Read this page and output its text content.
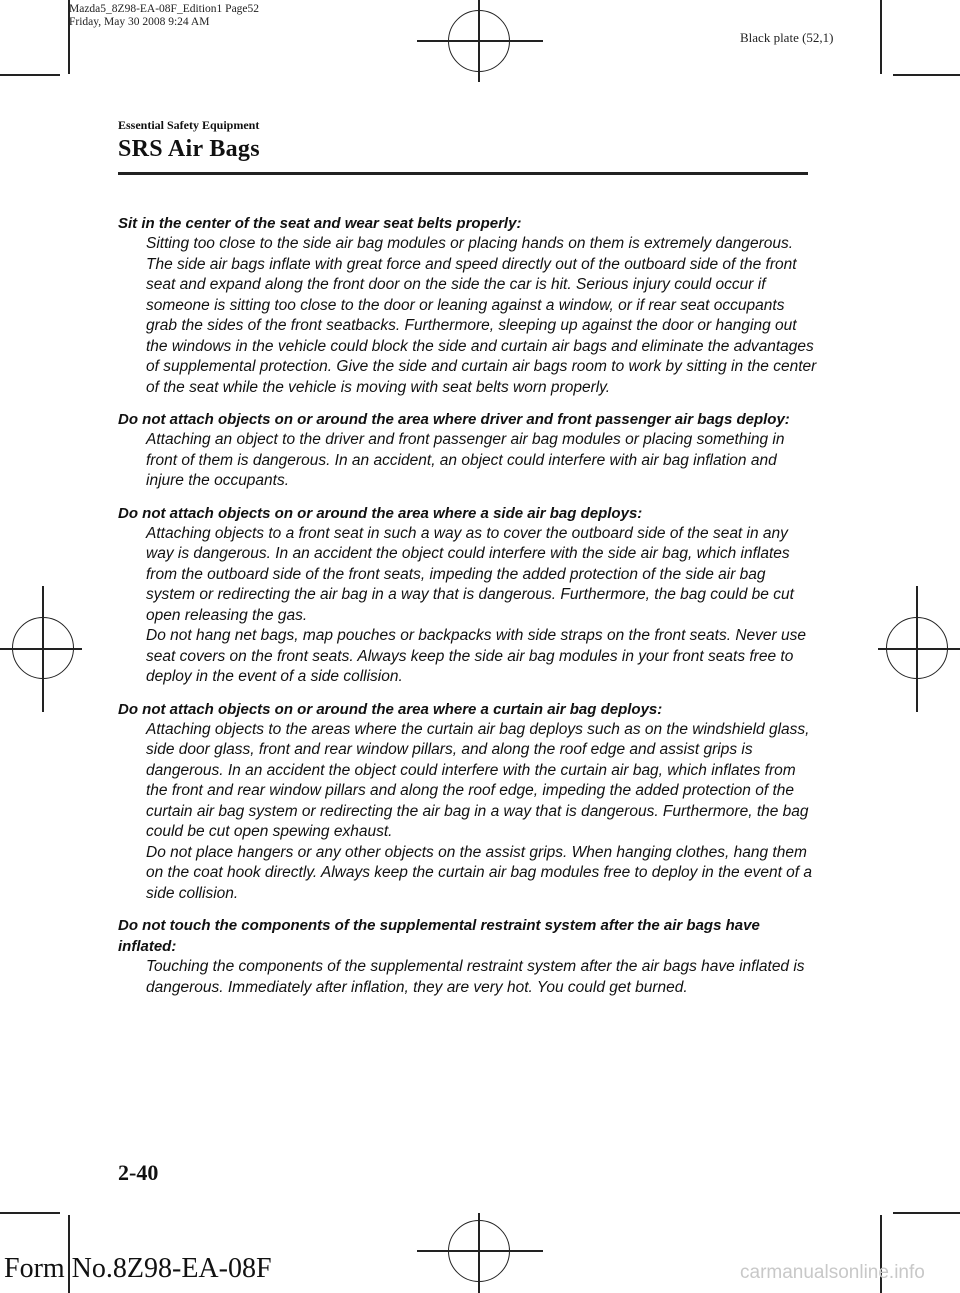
Mazda5_8Z98-EA-08F_Edition1 Page52
Friday, May 30 2008 9:24 AM
Black plate (52,1)
Essential Safety Equipment
SRS Air Bags
Sit in the center of the seat and wear seat belts properly:

Sitting too close to the side air bag modules or placing hands on them is extremely dangerous. The side air bags inflate with great force and speed directly out of the outboard side of the front seat and expand along the front door on the side the car is hit. Serious injury could occur if someone is sitting too close to the door or leaning against a window, or if rear seat occupants grab the sides of the front seatbacks. Furthermore, sleeping up against the door or hanging out the windows in the vehicle could block the side and curtain air bags and eliminate the advantages of supplemental protection. Give the side and curtain air bags room to work by sitting in the center of the seat while the vehicle is moving with seat belts worn properly.

Do not attach objects on or around the area where driver and front passenger air bags deploy:

Attaching an object to the driver and front passenger air bag modules or placing something in front of them is dangerous. In an accident, an object could interfere with air bag inflation and injure the occupants.

Do not attach objects on or around the area where a side air bag deploys:

Attaching objects to a front seat in such a way as to cover the outboard side of the seat in any way is dangerous. In an accident the object could interfere with the side air bag, which inflates from the outboard side of the front seats, impeding the added protection of the side air bag system or redirecting the air bag in a way that is dangerous. Furthermore, the bag could be cut open releasing the gas.

Do not hang net bags, map pouches or backpacks with side straps on the front seats. Never use seat covers on the front seats. Always keep the side air bag modules in your front seats free to deploy in the event of a side collision.

Do not attach objects on or around the area where a curtain air bag deploys:

Attaching objects to the areas where the curtain air bag deploys such as on the windshield glass, side door glass, front and rear window pillars, and along the roof edge and assist grips is dangerous. In an accident the object could interfere with the curtain air bag, which inflates from the front and rear window pillars and along the roof edge, impeding the added protection of the curtain air bag system or redirecting the air bag in a way that is dangerous. Furthermore, the bag could be cut open spewing exhaust.

Do not place hangers or any other objects on the assist grips. When hanging clothes, hang them on the coat hook directly. Always keep the curtain air bag modules free to deploy in the event of a side collision.

Do not touch the components of the supplemental restraint system after the air bags have inflated:

Touching the components of the supplemental restraint system after the air bags have inflated is dangerous. Immediately after inflation, they are very hot. You could get burned.

2-40
Form No.8Z98-EA-08F	carmanualsonline.info
